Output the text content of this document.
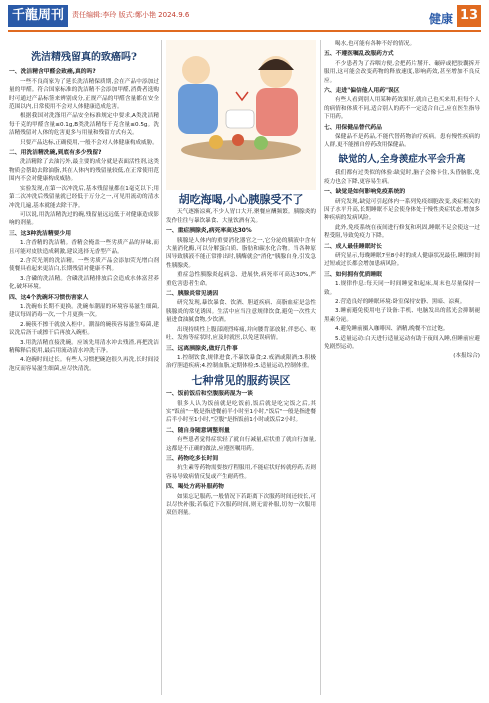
千龍周刊	责任编辑:李玲 版式:鄭小艳 2024.9.6	健康 13
洗洁精残留真的致癌吗?
一、洗洁精含甲醛会致癌,真的吗?

一些不良商家为了延长洗洁精保质期,会在产品中添加过量的甲醛。符合国家标准的洗洁精不会添加甲醛,消费者选购时可通过产品标签来辨别成分,正规产品的甲醛含量都在安全范围以内,日常使用不会对人体健康造成危害。

根据我国对洗涤用产品安全标准规定中要求,A类洗洁精每千克的甲醛含量≤0.1g,B类洗洁精每千克含量≤0.5g。洗洁精残留对人体的危害更多与用量和残留方式有关。

只要产品达标,正确使用,一般不会对人体健康构成威胁。

二、用洗洁精洗碗,到底有多少残留?

洗洁精除了去油污外,最主要的成分就是表面活性剂,这类物质会帮助去除油脂,其在人体内的残留量较低,在正常使用范围内不会对健康构成威胁。

实验发现,在第一次冲洗后,基本残留量都在1毫克以下;用第二次冲洗后残留量就已经低于万分之一,可见用流动的清水冲洗几遍,基本就能去除干净。

可以说,用洗洁精洗过的碗,残留量远远低于对健康造成影响的剂量。

三、这3种洗洁精要少用

1.含香精的洗洁精。香精会掩盖一些劣质产品的异味,而且可能对皮肤造成刺激,建议选择无香型产品。

2.含荧光剂的洗洁精。一些劣质产品会添加荧光增白剂使餐具看起来更洁白,长期残留对健康不利。

3.含磷的洗洁精。含磷洗洁精排放后会造成水体富营养化,破坏环境。

四、这4个洗碗坏习惯伤害家人

1.洗碗布长期不更换。洗碗布潮湿的环境容易滋生细菌,建议每周消毒一次,一个月更换一次。

2.碗筷不擦干就放入柜中。潮湿的碗筷容易滋生霉菌,建议洗后沥干或擦干后再放入碗柜。

3.用洗洁精直接洗碗。应该先用清水冲去残渣,再把洗洁精稀释后使用,最后用流动清水冲洗干净。

4.泡碗时间过长。有些人习惯把碗泡很久再洗,长时间浸泡反而容易滋生细菌,应尽快清洗。

胡吃海喝,小心胰腺受不了

天气逐渐凉爽,不少人胃口大开,聚餐应酬频繁。胰腺炎的发作往往与暴饮暴食、大量饮酒有关。

一、重症胰腺炎,病死率高达30%

胰腺是人体内的重要消化器官之一,它分泌的胰液中含有大量消化酶,可以分解蛋白质、脂肪和碳水化合物。当各种原因导致胰液不能正常排出时,胰酶就会"消化"胰腺自身,引发急性胰腺炎。

重症急性胰腺炎起病急、进展快,病死率可高达30%,严重危害患者生命。

二、胰腺炎常见诱因

研究发现,暴饮暴食、饮酒、胆道疾病、高脂血症是急性胰腺炎的常见诱因。生活中应当注意规律饮食,避免一次性大量进食油腻食物,少饮酒。

出现持续性上腹部剧烈疼痛,并向腰背部放射,伴恶心、呕吐、发热等症状时,应及时就医,以免延误病情。

三、远离胰腺炎,做好几件事

1.控制饮食,规律进食,不暴饮暴食;2.戒酒或限酒;3.积极治疗胆道疾病;4.控制血脂,定期体检;5.适量运动,控制体重。

七种常见的服药误区
一、饭前饭后和空腹服药混为一谈

很多人认为饭前就是吃饭前,饭后就是吃完饭之后,其实"饭前"一般是指进餐前半小时至1小时,"饭后"一般是指进餐后半小时至1小时,"空腹"是指饭前1小时或饭后2小时。

二、随自身随意调整剂量

有些患者觉得症状轻了就自行减量,症状重了就自行加量,这都是不正确的做法,应遵医嘱用药。

三、药物吃多长时间

抗生素等药物需要按疗程服用,不能症状好转就停药,否则容易导致病情反复或产生耐药性。

四、喝处方药补服药物

如果忘记服药,一般情况下若距离下次服药时间还较长,可以尽快补服;若临近下次服药时间,则无需补服,切勿一次服用双倍剂量。

喝水,也可能有各种不好的情况。

五、不遵医嘱乱改服药方式

不少患者为了吞咽方便,会把药片掰开、碾碎或把胶囊拆开服用,这可能会改变药物的释放速度,影响药效,甚至增加不良反应。

六、走进"偏信他人用药"误区

有些人看到别人用某种药效果好,就自己也买来用,但每个人的病情和体质不同,适合别人的药不一定适合自己,应在医生指导下用药。

七、用保健品替代药品

保健品不是药品,不能代替药物治疗疾病。患有慢性疾病的人群,更不能擅自停药改用保健品。

缺觉的人,全身羡症水平会升高

我们都有过类似的体验:缺觉时,脑子会像卡住,头昏脑胀,免疫力也会下降,更容易生病。

一、缺觉是如何影响免疫系统的

研究发现,缺觉可引起体内一系列免疫细胞改变,炎症相关的因子水平升高,长期睡眠不足会使身体处于慢性炎症状态,增加多种疾病的发病风险。

此外,免疫系统在夜间进行修复和巩固,睡眠不足会使这一过程受阻,导致免疫力下降。

二、成人最佳睡眠时长

研究显示,每晚睡眠7至8小时的成人健康状况最佳,睡眠时间过短或过长都会增加患病风险。

三、如何拥有优质睡眠

1.规律作息:每天同一时间睡觉和起床,周末也尽量保持一致。

2.营造良好的睡眠环境:卧室保持安静、黑暗、凉爽。

3.睡前避免使用电子设备:手机、电脑发出的蓝光会抑制褪黑素分泌。

4.避免睡前摄入咖啡因、酒精,晚餐不宜过饱。

5.适量运动:白天进行适量运动有助于夜间入睡,但睡前应避免剧烈运动。

(本报综合)
